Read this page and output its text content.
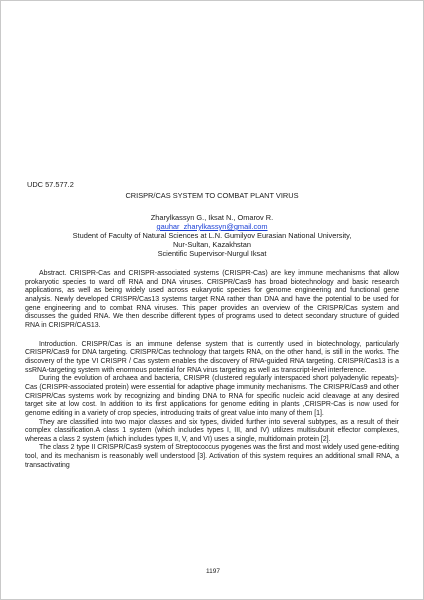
UDC 57.577.2
CRISPR/CAS SYSTEM TO COMBAT PLANT VIRUS
Zharylkassyn G., Iksat N., Omarov R.
gauhar_zharylkassyn@gmail.com
Student of Faculty of Natural Sciences at L.N. Gumilyov Eurasian National University,
Nur-Sultan, Kazakhstan
Scientific Supervisor-Nurgul Iksat

Abstract. CRISPR-Cas and CRISPR-associated systems (CRISPR-Cas) are key immune mechanisms that allow prokaryotic species to ward off RNA and DNA viruses. CRISPR/Cas9 has broad biotechnology and basic research applications, as well as being widely used across eukaryotic species for genome engineering and functional gene analysis. Newly developed CRISPR/Cas13 systems target RNA rather than DNA and have the potential to be used for gene engineering and to combat RNA viruses. This paper provides an overview of the CRISPR/Cas system and discusses the guided RNA. We then describe different types of programs used to detect secondary structure of guided RNA in CRISPR/CAS13.

Introduction. CRISPR/Cas is an immune defense system that is currently used in biotechnology, particularly CRISPR/Cas9 for DNA targeting. CRISPR/Cas technology that targets RNA, on the other hand, is still in the works. The discovery of the type VI CRISPR / Cas system enables the discovery of RNA-guided RNA targeting. CRISPR/Cas13 is a ssRNA-targeting system with enormous potential for RNA virus targeting as well as transcript-level interference.

During the evolution of archaea and bacteria, CRISPR (clustered regularly interspaced short polyadenylic repeats)-Cas (CRISPR-associated protein) were essential for adaptive phage immunity mechanisms. The CRISPR/Cas9 and other CRISPR/Cas systems work by recognizing and binding DNA to RNA for specific nucleic acid cleavage at any desired target site at low cost. In addition to its first applications for genome editing in plants ,CRISPR-Cas is now used for genome editing in a variety of crop species, introducing traits of great value into many of them [1].

They are classified into two major classes and six types, divided further into several subtypes, as a result of their complex classification.A class 1 system (which includes types I, III, and IV) utilizes multisubunit effector complexes, whereas a class 2 system (which includes types II, V, and VI) uses a single, multidomain protein [2].

The class 2 type II CRISPR/Cas9 system of Streptococcus pyogenes was the first and most widely used gene-editing tool, and its mechanism is reasonably well understood [3]. Activation of this system requires an additional small RNA, a transactivating

1197
